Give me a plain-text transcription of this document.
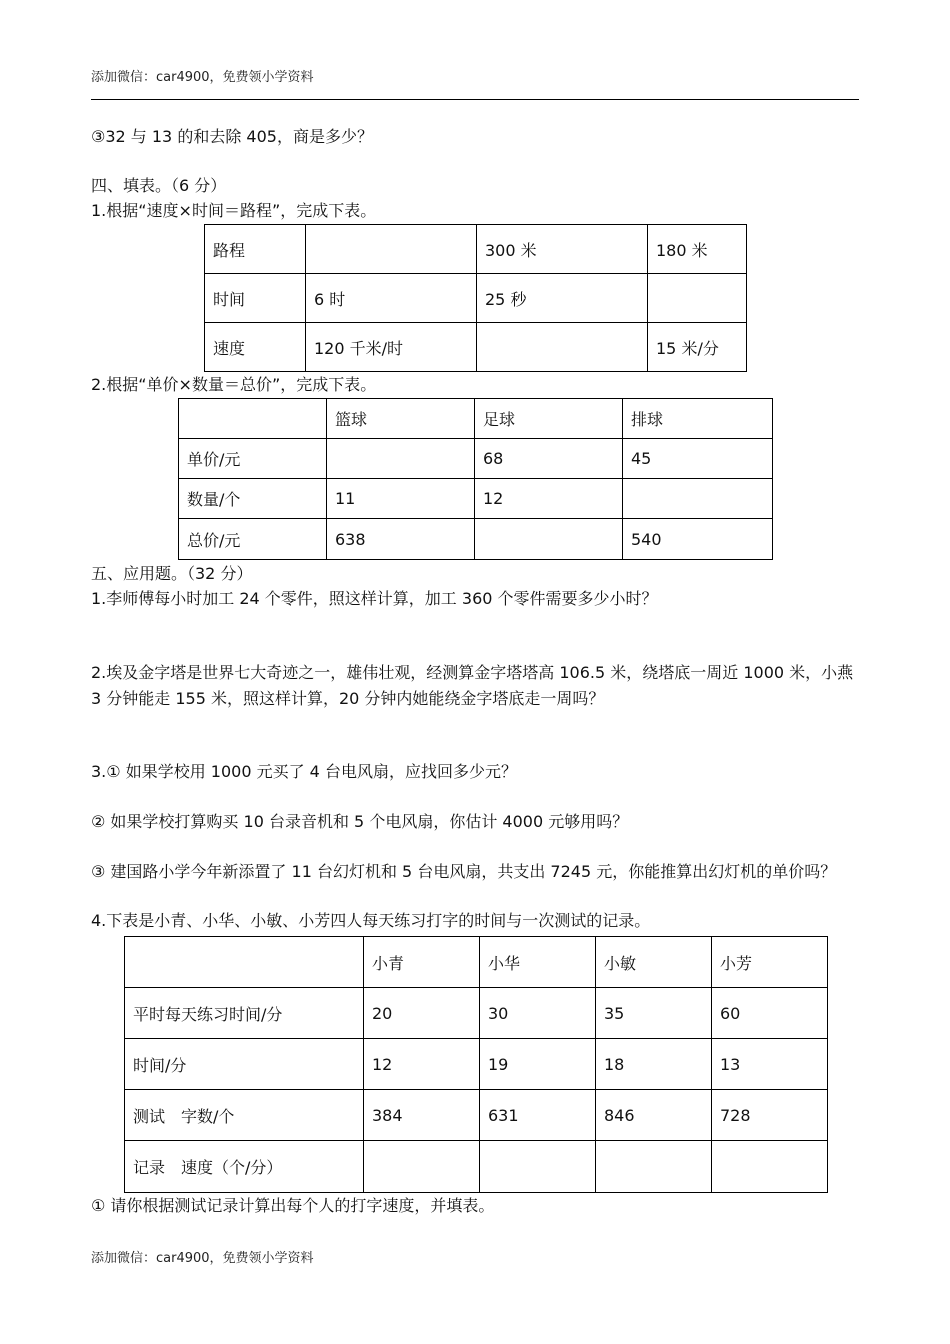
添加微信：car4900，免费领小学资料
③32 与 13 的和去除 405，商是多少？
四、填表。（6 分）
1.根据“速度×时间＝路程”，完成下表。
路程		300 米	180 米
时间	6 时	25 秒	
速度	120 千米/时		15 米/分
2.根据“单价×数量＝总价”，完成下表。
	篮球	足球	排球
单价/元		68	45
数量/个	11	12	
总价/元	638		540
五、应用题。（32 分）
1.李师傅每小时加工 24 个零件，照这样计算，加工 360 个零件需要多少小时？
2.埃及金字塔是世界七大奇迹之一，雄伟壮观，经测算金字塔塔高 106.5 米，绕塔底一周近 1000 米，小燕 3 分钟能走 155 米，照这样计算，20 分钟内她能绕金字塔底走一周吗？
3.① 如果学校用 1000 元买了 4 台电风扇，应找回多少元？
② 如果学校打算购买 10 台录音机和 5 个电风扇，你估计 4000 元够用吗？
③ 建国路小学今年新添置了 11 台幻灯机和 5 台电风扇，共支出 7245 元，你能推算出幻灯机的单价吗？
4.下表是小青、小华、小敏、小芳四人每天练习打字的时间与一次测试的记录。
	小青	小华	小敏	小芳
平时每天练习时间/分	20	30	35	60
时间/分	12	19	18	13
测试　字数/个	384	631	846	728
记录　速度（个/分）				
① 请你根据测试记录计算出每个人的打字速度，并填表。
添加微信：car4900，免费领小学资料
